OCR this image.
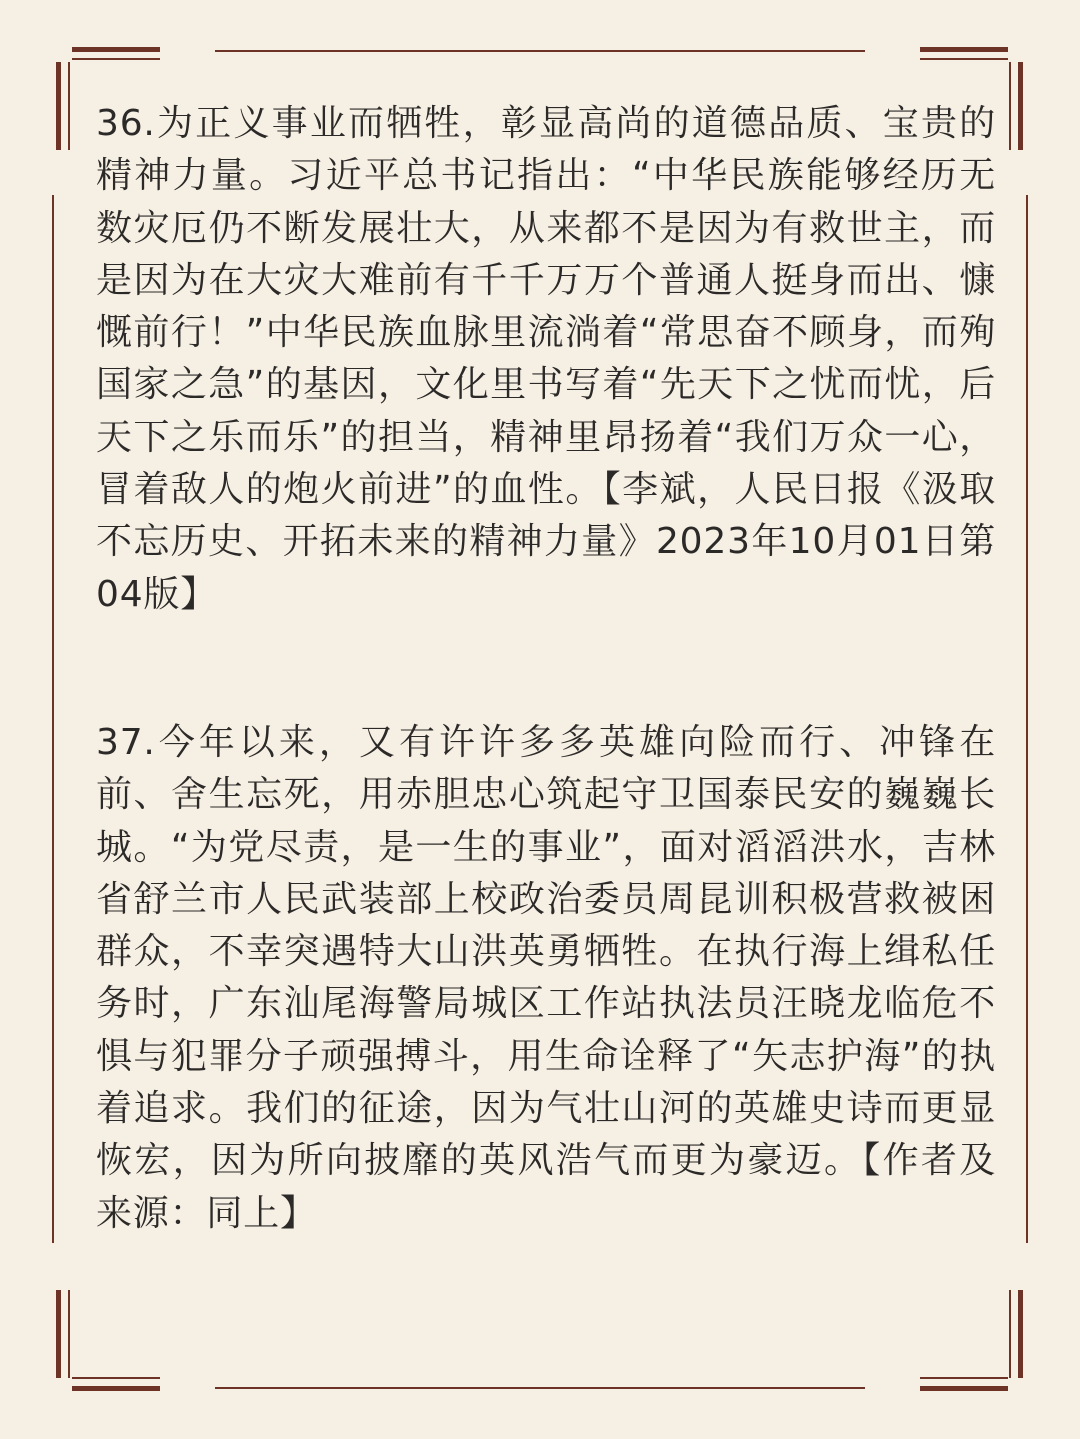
36.为正义事业而牺牲，彰显高尚的道德品质、宝贵的精神力量。习近平总书记指出：“中华民族能够经历无数灾厄仍不断发展壮大，从来都不是因为有救世主，而是因为在大灾大难前有千千万万个普通人挺身而出、慷慨前行！”中华民族血脉里流淌着“常思奋不顾身，而殉国家之急”的基因，文化里书写着“先天下之忧而忧，后天下之乐而乐”的担当，精神里昂扬着“我们万众一心，冒着敌人的炮火前进”的血性。【李斌，人民日报《汲取不忘历史、开拓未来的精神力量》2023年10月01日第04版】

37.今年以来，又有许许多多英雄向险而行、冲锋在前、舍生忘死，用赤胆忠心筑起守卫国泰民安的巍巍长城。“为党尽责，是一生的事业”，面对滔滔洪水，吉林省舒兰市人民武装部上校政治委员周昆训积极营救被困群众，不幸突遇特大山洪英勇牺牲。在执行海上缉私任务时，广东汕尾海警局城区工作站执法员汪晓龙临危不惧与犯罪分子顽强搏斗，用生命诠释了“矢志护海”的执着追求。我们的征途，因为气壮山河的英雄史诗而更显恢宏，因为所向披靡的英风浩气而更为豪迈。【作者及来源：同上】
